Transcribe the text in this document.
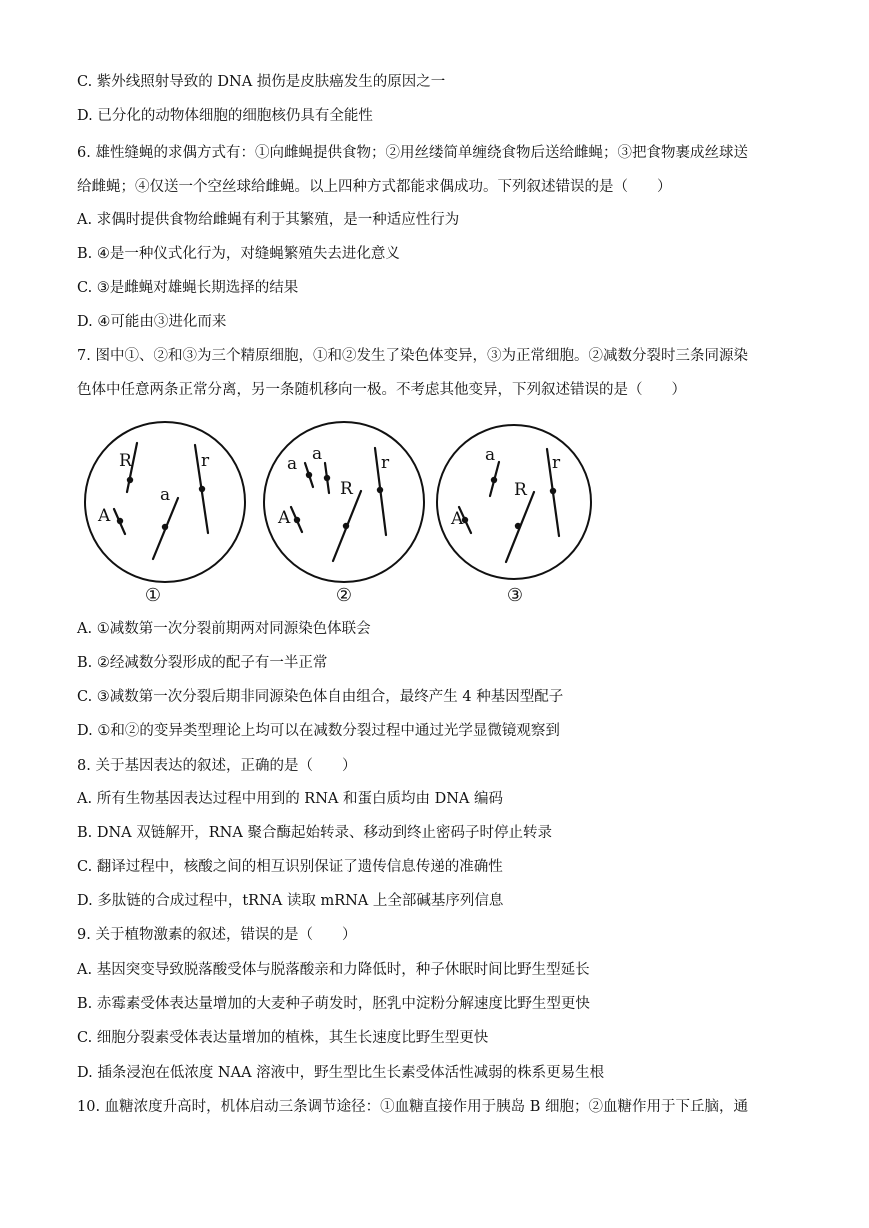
C. 紫外线照射导致的 DNA 损伤是皮肤癌发生的原因之一
D. 已分化的动物体细胞的细胞核仍具有全能性
6. 雄性缝蝇的求偶方式有：①向雌蝇提供食物；②用丝缕简单缠绕食物后送给雌蝇；③把食物裹成丝球送
给雌蝇；④仅送一个空丝球给雌蝇。以上四种方式都能求偶成功。下列叙述错误的是（　　）
A. 求偶时提供食物给雌蝇有利于其繁殖，是一种适应性行为
B. ④是一种仪式化行为，对缝蝇繁殖失去进化意义
C. ③是雌蝇对雄蝇长期选择的结果
D. ④可能由③进化而来
7. 图中①、②和③为三个精原细胞，①和②发生了染色体变异，③为正常细胞。②减数分裂时三条同源染
色体中任意两条正常分离，另一条随机移向一极。不考虑其他变异，下列叙述错误的是（　　）
A. ①减数第一次分裂前期两对同源染色体联会
B. ②经减数分裂形成的配子有一半正常
C. ③减数第一次分裂后期非同源染色体自由组合，最终产生 4 种基因型配子
D. ①和②的变异类型理论上均可以在减数分裂过程中通过光学显微镜观察到
8. 关于基因表达的叙述，正确的是（　　）
A. 所有生物基因表达过程中用到的 RNA 和蛋白质均由 DNA 编码
B. DNA 双链解开，RNA 聚合酶起始转录、移动到终止密码子时停止转录
C. 翻译过程中，核酸之间的相互识别保证了遗传信息传递的准确性
D. 多肽链的合成过程中，tRNA 读取 mRNA 上全部碱基序列信息
9. 关于植物激素的叙述，错误的是（　　）
A. 基因突变导致脱落酸受体与脱落酸亲和力降低时，种子休眠时间比野生型延长
B. 赤霉素受体表达量增加的大麦种子萌发时，胚乳中淀粉分解速度比野生型更快
C. 细胞分裂素受体表达量增加的植株，其生长速度比野生型更快
D. 插条浸泡在低浓度 NAA 溶液中，野生型比生长素受体活性减弱的株系更易生根
10. 血糖浓度升高时，机体启动三条调节途径：①血糖直接作用于胰岛 B 细胞；②血糖作用于下丘脑，通
R	r
a
A
a a	r
R
A
a	r
R
A
①	②	③
